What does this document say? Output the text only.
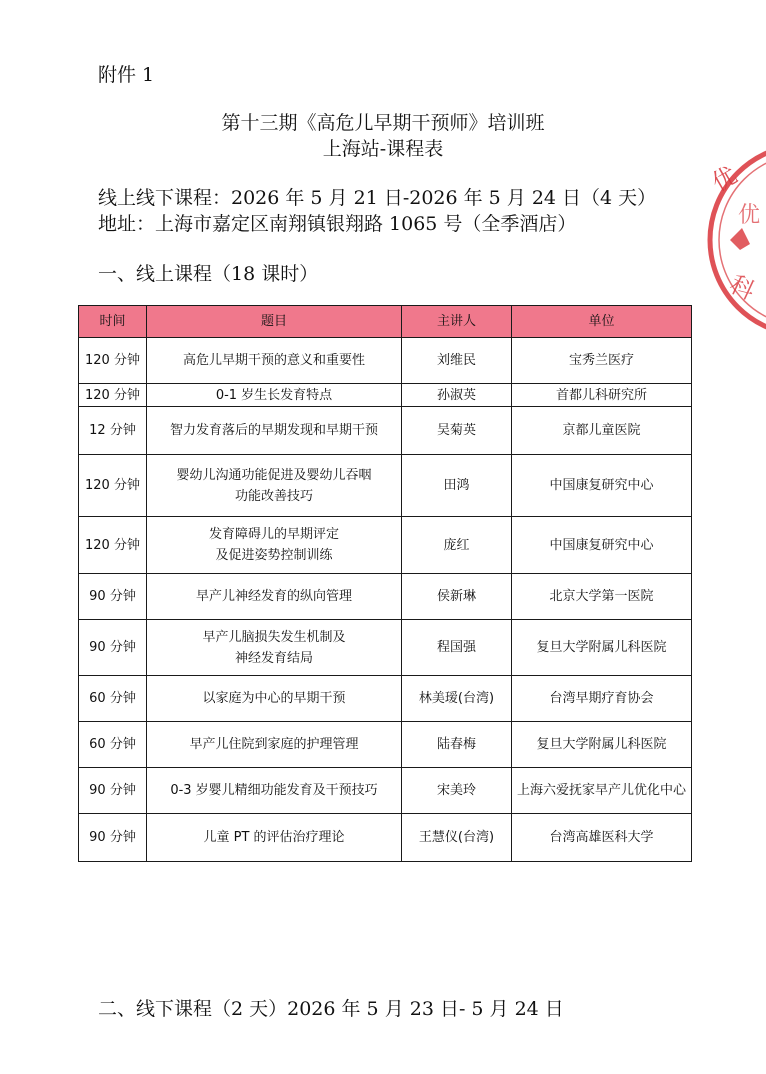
附件 1
第十三期《高危儿早期干预师》培训班
上海站-课程表
线上线下课程：2026 年 5 月 21 日-2026 年 5 月 24 日（4 天）
地址：上海市嘉定区南翔镇银翔路 1065 号（全季酒店）
一、线上课程（18 课时）
时间	题目	主讲人	单位
120 分钟	高危儿早期干预的意义和重要性	刘维民	宝秀兰医疗
120 分钟	0-1 岁生长发育特点	孙淑英	首都儿科研究所
12 分钟	智力发育落后的早期发现和早期干预	吴菊英	京都儿童医院
120 分钟	婴幼儿沟通功能促进及婴幼儿吞咽
功能改善技巧	田鸿	中国康复研究中心
120 分钟	发育障碍儿的早期评定
及促进姿势控制训练	庞红	中国康复研究中心
90 分钟	早产儿神经发育的纵向管理	侯新琳	北京大学第一医院
90 分钟	早产儿脑损失发生机制及
神经发育结局	程国强	复旦大学附属儿科医院
60 分钟	以家庭为中心的早期干预	林美瑷(台湾)	台湾早期疗育协会
60 分钟	早产儿住院到家庭的护理管理	陆春梅	复旦大学附属儿科医院
90 分钟	0-3 岁婴儿精细功能发育及干预技巧	宋美玲	上海六爱抚家早产儿优化中心
90 分钟	儿童 PT 的评估治疗理论	王慧仪(台湾)	台湾高雄医科大学
二、线下课程（2 天）2026 年 5 月 23 日- 5 月 24 日
优
优
科
